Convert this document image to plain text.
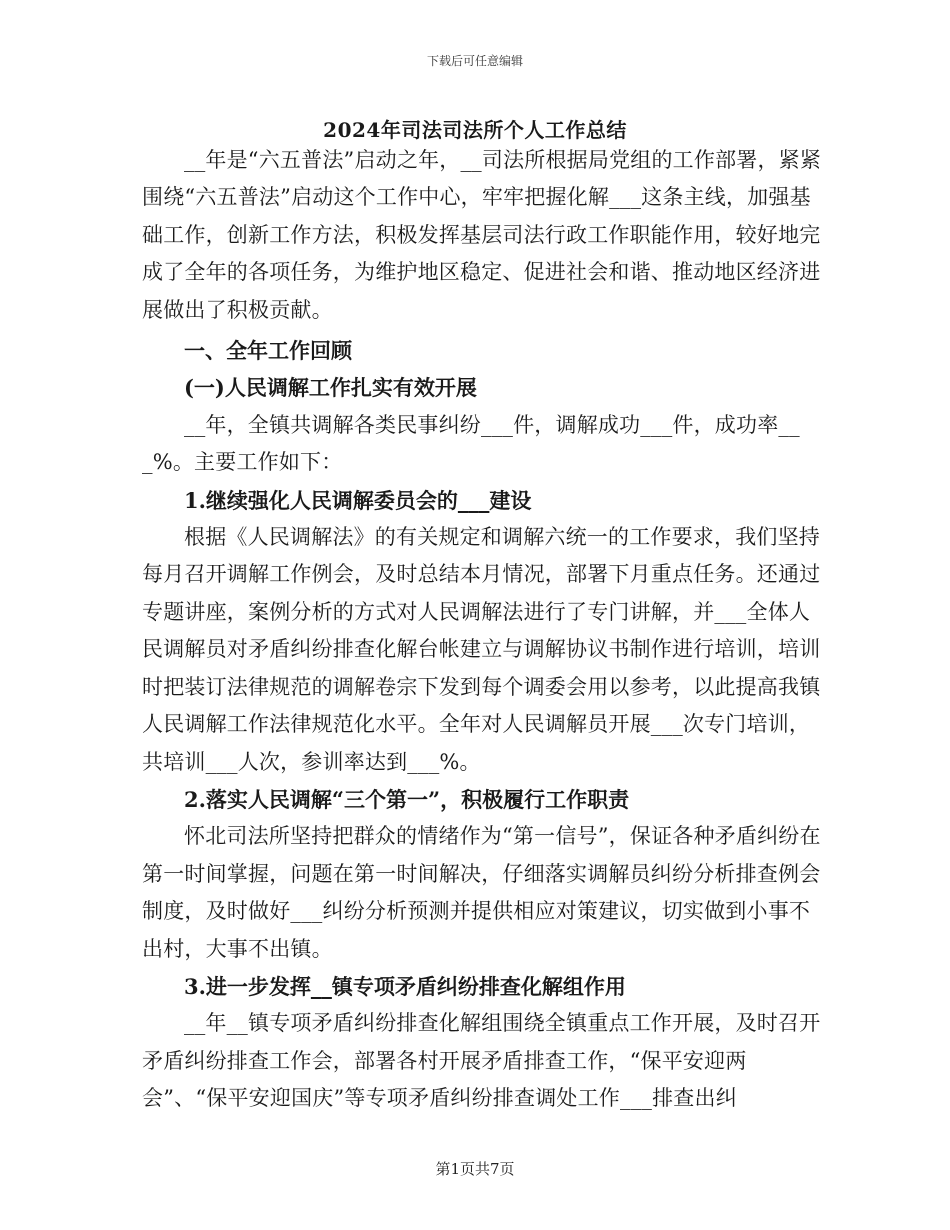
下载后可任意编辑
2024年司法司法所个人工作总结

__年是“六五普法”启动之年，__司法所根据局党组的工作部署，紧紧围绕“六五普法”启动这个工作中心，牢牢把握化解___这条主线，加强基础工作，创新工作方法，积极发挥基层司法行政工作职能作用，较好地完成了全年的各项任务，为维护地区稳定、促进社会和谐、推动地区经济进展做出了积极贡献。

一、全年工作回顾

(一)人民调解工作扎实有效开展

__年，全镇共调解各类民事纠纷___件，调解成功___件，成功率___%。主要工作如下：

1.继续强化人民调解委员会的___建设

根据《人民调解法》的有关规定和调解六统一的工作要求，我们坚持每月召开调解工作例会，及时总结本月情况，部署下月重点任务。还通过专题讲座，案例分析的方式对人民调解法进行了专门讲解，并___全体人民调解员对矛盾纠纷排查化解台帐建立与调解协议书制作进行培训，培训时把装订法律规范的调解卷宗下发到每个调委会用以参考，以此提高我镇人民调解工作法律规范化水平。全年对人民调解员开展___次专门培训，共培训___人次，参训率达到___%。

2.落实人民调解“三个第一”，积极履行工作职责

怀北司法所坚持把群众的情绪作为“第一信号”，保证各种矛盾纠纷在第一时间掌握，问题在第一时间解决，仔细落实调解员纠纷分析排查例会制度，及时做好___纠纷分析预测并提供相应对策建议，切实做到小事不出村，大事不出镇。

3.进一步发挥__镇专项矛盾纠纷排查化解组作用

__年__镇专项矛盾纠纷排查化解组围绕全镇重点工作开展，及时召开矛盾纠纷排查工作会，部署各村开展矛盾排查工作，“保平安迎两会”、“保平安迎国庆”等专项矛盾纠纷排查调处工作___排查出纠

第1页共7页
